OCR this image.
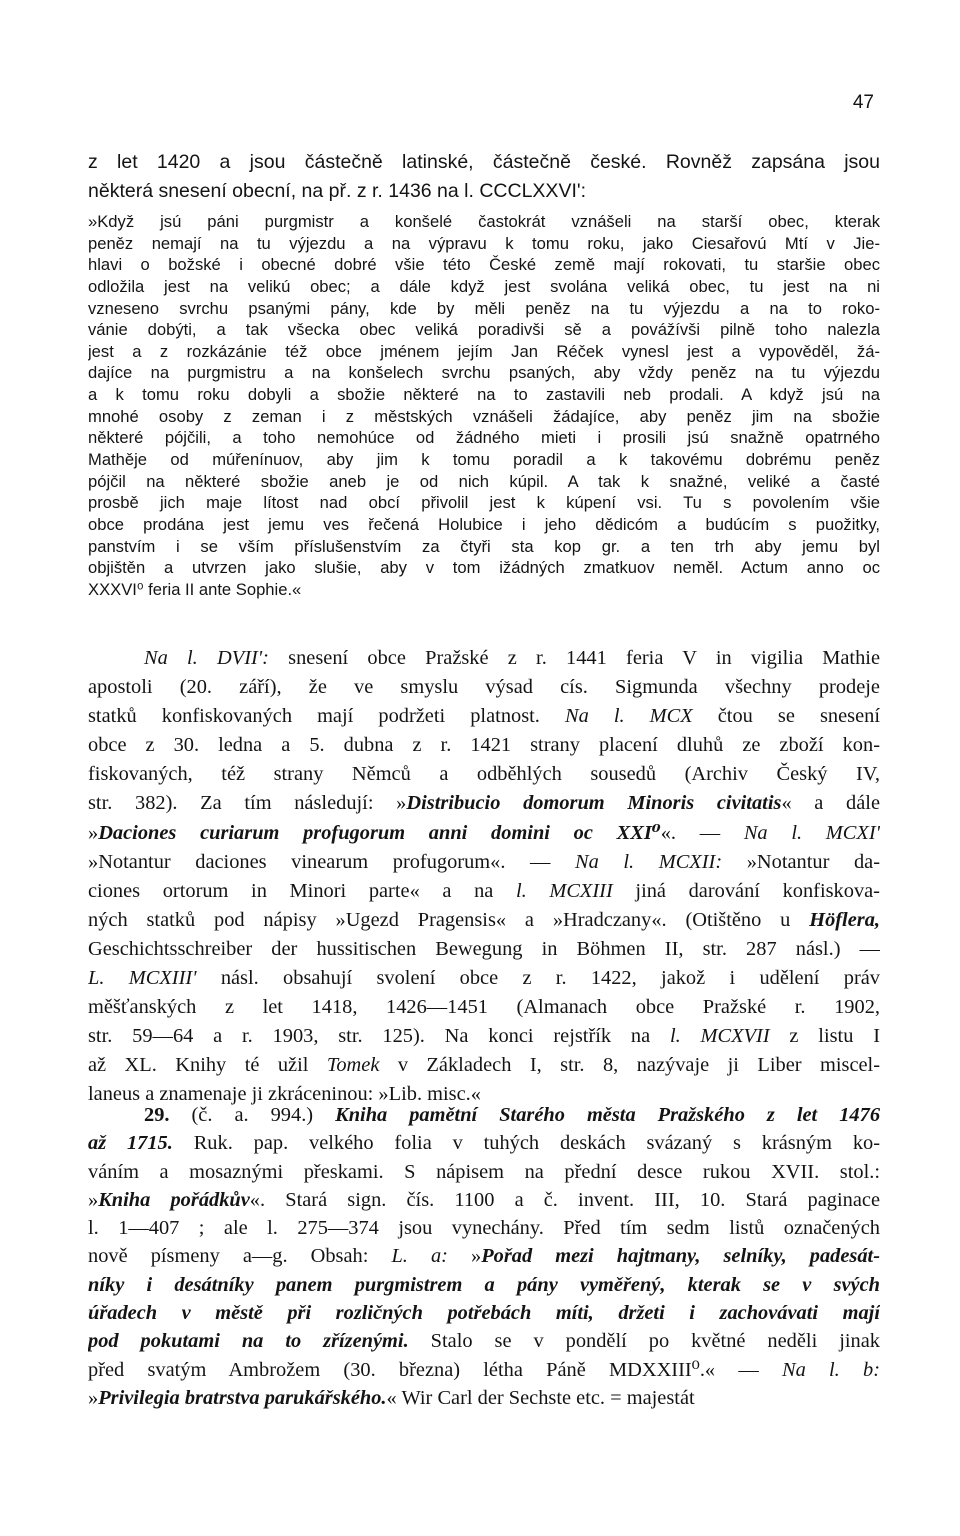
47
z let 1420 a jsou částečně latinské, částečně české. Rovněž zapsána jsou
některá snesení obecní, na př. z r. 1436 na l. CCCLXXVI':
»Když jsú páni purgmistr a konšelé častokrát vznášeli na starší obec, kterak
peněz nemají na tu výjezdu a na výpravu k tomu roku, jako Ciesařovú Mtí v Jie-
hlavi o božské i obecné dobré všie této České země mají rokovati, tu staršie obec
odložila jest na velikú obec; a dále když jest svolána veliká obec, tu jest na ni
vzneseno svrchu psanými pány, kde by měli peněz na tu výjezdu a na to roko-
vánie dobýti, a tak všecka obec veliká poradivši sě a povážívši pilně toho nalezla
jest a z rozkázánie též obce jménem jejím Jan Réček vynesl jest a vypověděl, žá-
dajíce na purgmistru a na konšelech svrchu psaných, aby vždy peněz na tu výjezdu
a k tomu roku dobyli a sbožie některé na to zastavili neb prodali. A když jsú na
mnohé osoby z zeman i z městských vznášeli žádajíce, aby peněz jim na sbožie
některé pójčili, a toho nemohúce od žádného mieti i prosili jsú snažně opatrného
Mathěje od múřenínuov, aby jim k tomu poradil a k takovému dobrému peněz
pójčil na některé sbožie aneb je od nich kúpil. A tak k snažné, veliké a časté
prosbě jich maje lítost nad obcí přivolil jest k kúpení vsi. Tu s povolením všie
obce prodána jest jemu ves řečená Holubice i jeho dědicóm a budúcím s puožitky,
panstvím i se vším příslušenstvím za čtyři sta kop gr. a ten trh aby jemu byl
objištěn a utvrzen jako slušie, aby v tom ižádných zmatkuov neměl. Actum anno oc
XXXVI⁰ feria II ante Sophie.«
Na l. DVII': snesení obce Pražské z r. 1441 feria V in vigilia Mathie
apostoli (20. září), že ve smyslu výsad cís. Sigmunda všechny prodeje
statků konfiskovaných mají podržeti platnost. Na l. MCX čtou se snesení
obce z 30. ledna a 5. dubna z r. 1421 strany placení dluhů ze zboží kon-
fiskovaných, též strany Němců a odběhlých sousedů (Archiv Český IV,
str. 382). Za tím následují: »Distribucio domorum Minoris civitatis« a dále
»Daciones curiarum profugorum anni domini oc XXI⁰«. — Na l. MCXI'
»Notantur daciones vinearum profugorum«. — Na l. MCXII: »Notantur da-
ciones ortorum in Minori parte« a na l. MCXIII jiná darování konfiskova-
ných statků pod nápisy »Ugezd Pragensis« a »Hradczany«. (Otištěno u Höflera,
Geschichtsschreiber der hussitischen Bewegung in Böhmen II, str. 287 násl.) —
L. MCXIII' násl. obsahují svolení obce z r. 1422, jakož i udělení práv
měšťanských z let 1418, 1426—1451 (Almanach obce Pražské r. 1902,
str. 59—64 a r. 1903, str. 125). Na konci rejstřík na l. MCXVII z listu I
až XL. Knihy té užil Tomek v Základech I, str. 8, nazývaje ji Liber miscel-
laneus a znamenaje ji zkráceninou: »Lib. misc.«
29. (č. a. 994.) Kniha pamětní Starého města Pražského z let 1476
až 1715. Ruk. pap. velkého folia v tuhých deskách svázaný s krásným ko-
váním a mosaznými přeskami. S nápisem na přední desce rukou XVII. stol.:
»Kniha pořádkův«. Stará sign. čís. 1100 a č. invent. III, 10. Stará paginace
l. 1—407 ; ale l. 275—374 jsou vynechány. Před tím sedm listů označených
nově písmeny a—g. Obsah: L. a: »Pořad mezi hajtmany, selníky, padesát-
níky i desátníky panem purgmistrem a pány vyměřený, kterak se v svých
úřadech v městě při rozličných potřebách míti, držeti i zachovávati mají
pod pokutami na to zřízenými. Stalo se v pondělí po květné neděli jinak
před svatým Ambrožem (30. března) létha Páně MDXXIII⁰.« — Na l. b:
»Privilegia bratrstva parukářského.« Wir Carl der Sechste etc. = majestát
